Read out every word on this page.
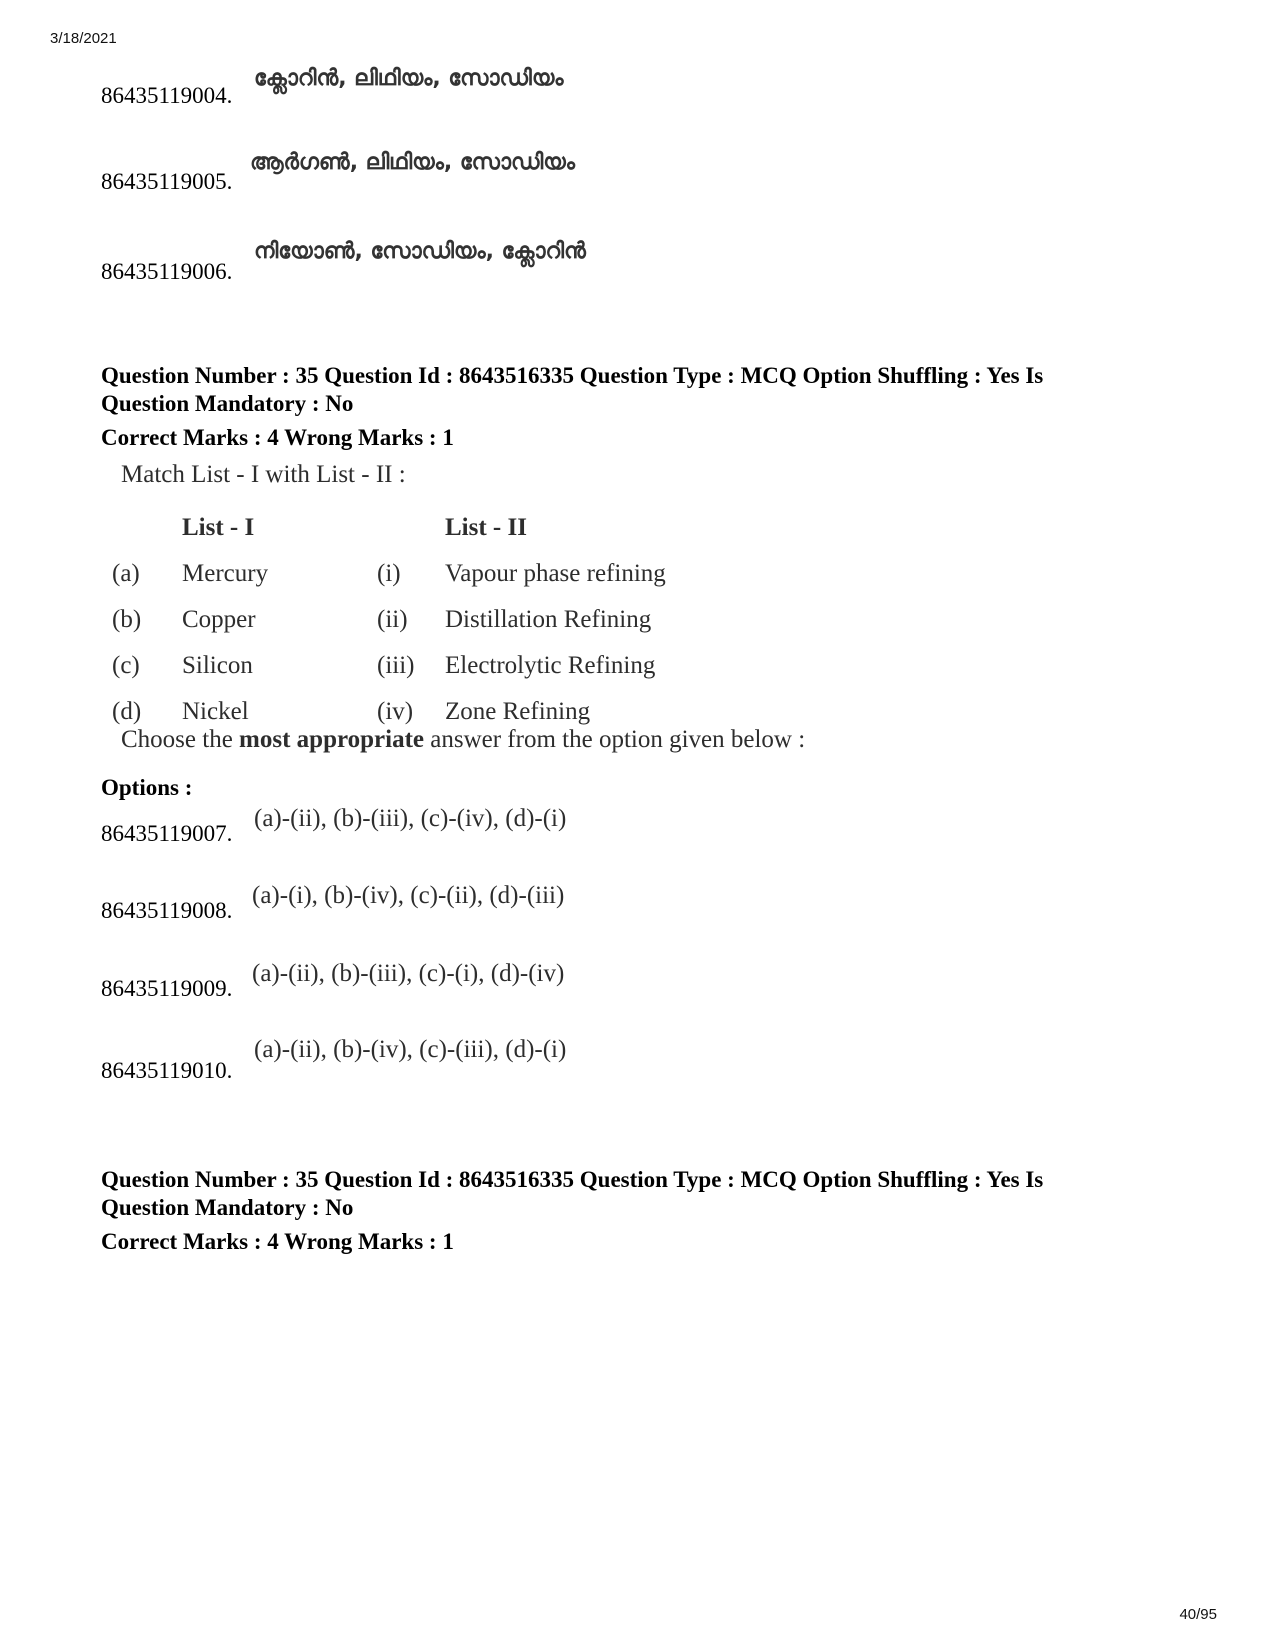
3/18/2021
40/95
86435119004.
ക്ലോറിൻ, ലിഥിയം, സോഡിയം
86435119005.
ആർഗൺ, ലിഥിയം, സോഡിയം
86435119006.
നിയോൺ, സോഡിയം, ക്ലോറിൻ
Question Number : 35 Question Id : 8643516335 Question Type : MCQ Option Shuffling : Yes Is
Question Mandatory : No
Correct Marks : 4 Wrong Marks : 1
Match List - I with List - II :
	List - I		List - II
(a)	Mercury	(i)	Vapour phase refining
(b)	Copper	(ii)	Distillation Refining
(c)	Silicon	(iii)	Electrolytic Refining
(d)	Nickel	(iv)	Zone Refining
Choose the most appropriate answer from the option given below :
Options :
86435119007.
(a)-(ii), (b)-(iii), (c)-(iv), (d)-(i)
86435119008.
(a)-(i), (b)-(iv), (c)-(ii), (d)-(iii)
86435119009.
(a)-(ii), (b)-(iii), (c)-(i), (d)-(iv)
86435119010.
(a)-(ii), (b)-(iv), (c)-(iii), (d)-(i)
Question Number : 35 Question Id : 8643516335 Question Type : MCQ Option Shuffling : Yes Is
Question Mandatory : No
Correct Marks : 4 Wrong Marks : 1
